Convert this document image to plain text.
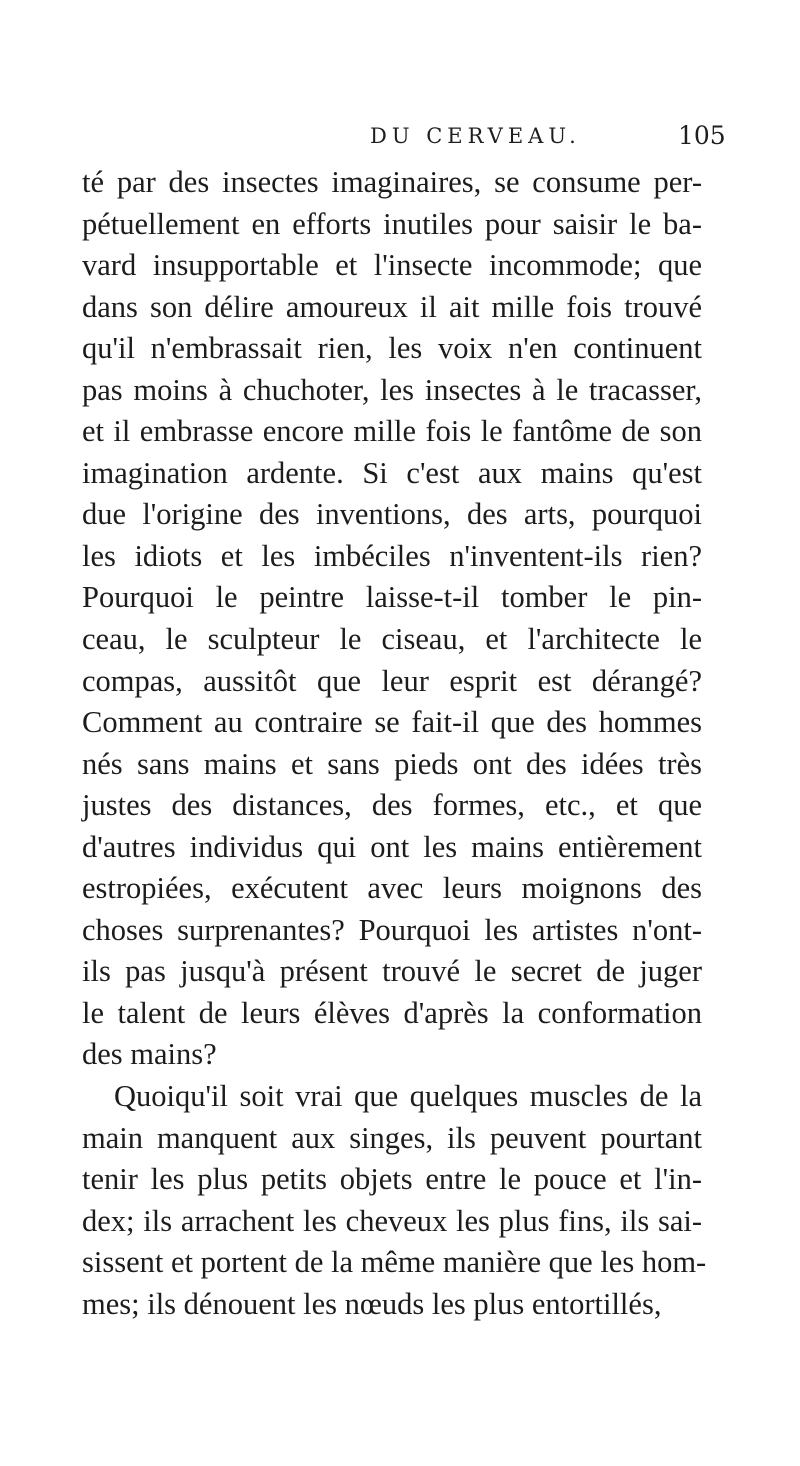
DU CERVEAU.	105
té par des insectes imaginaires, se consume per-
pétuellement en efforts inutiles pour saisir le ba-
vard insupportable et l'insecte incommode; que
dans son délire amoureux il ait mille fois trouvé
qu'il n'embrassait rien, les voix n'en continuent
pas moins à chuchoter, les insectes à le tracasser,
et il embrasse encore mille fois le fantôme de son
imagination ardente. Si c'est aux mains qu'est
due l'origine des inventions, des arts, pourquoi
les idiots et les imbéciles n'inventent-ils rien?
Pourquoi le peintre laisse-t-il tomber le pin-
ceau, le sculpteur le ciseau, et l'architecte le
compas, aussitôt que leur esprit est dérangé?
Comment au contraire se fait-il que des hommes
nés sans mains et sans pieds ont des idées très
justes des distances, des formes, etc., et que
d'autres individus qui ont les mains entièrement
estropiées, exécutent avec leurs moignons des
choses surprenantes? Pourquoi les artistes n'ont-
ils pas jusqu'à présent trouvé le secret de juger
le talent de leurs élèves d'après la conformation
des mains?
Quoiqu'il soit vrai que quelques muscles de la
main manquent aux singes, ils peuvent pourtant
tenir les plus petits objets entre le pouce et l'in-
dex; ils arrachent les cheveux les plus fins, ils sai-
sissent et portent de la même manière que les hom-
mes; ils dénouent les nœuds les plus entortillés,
